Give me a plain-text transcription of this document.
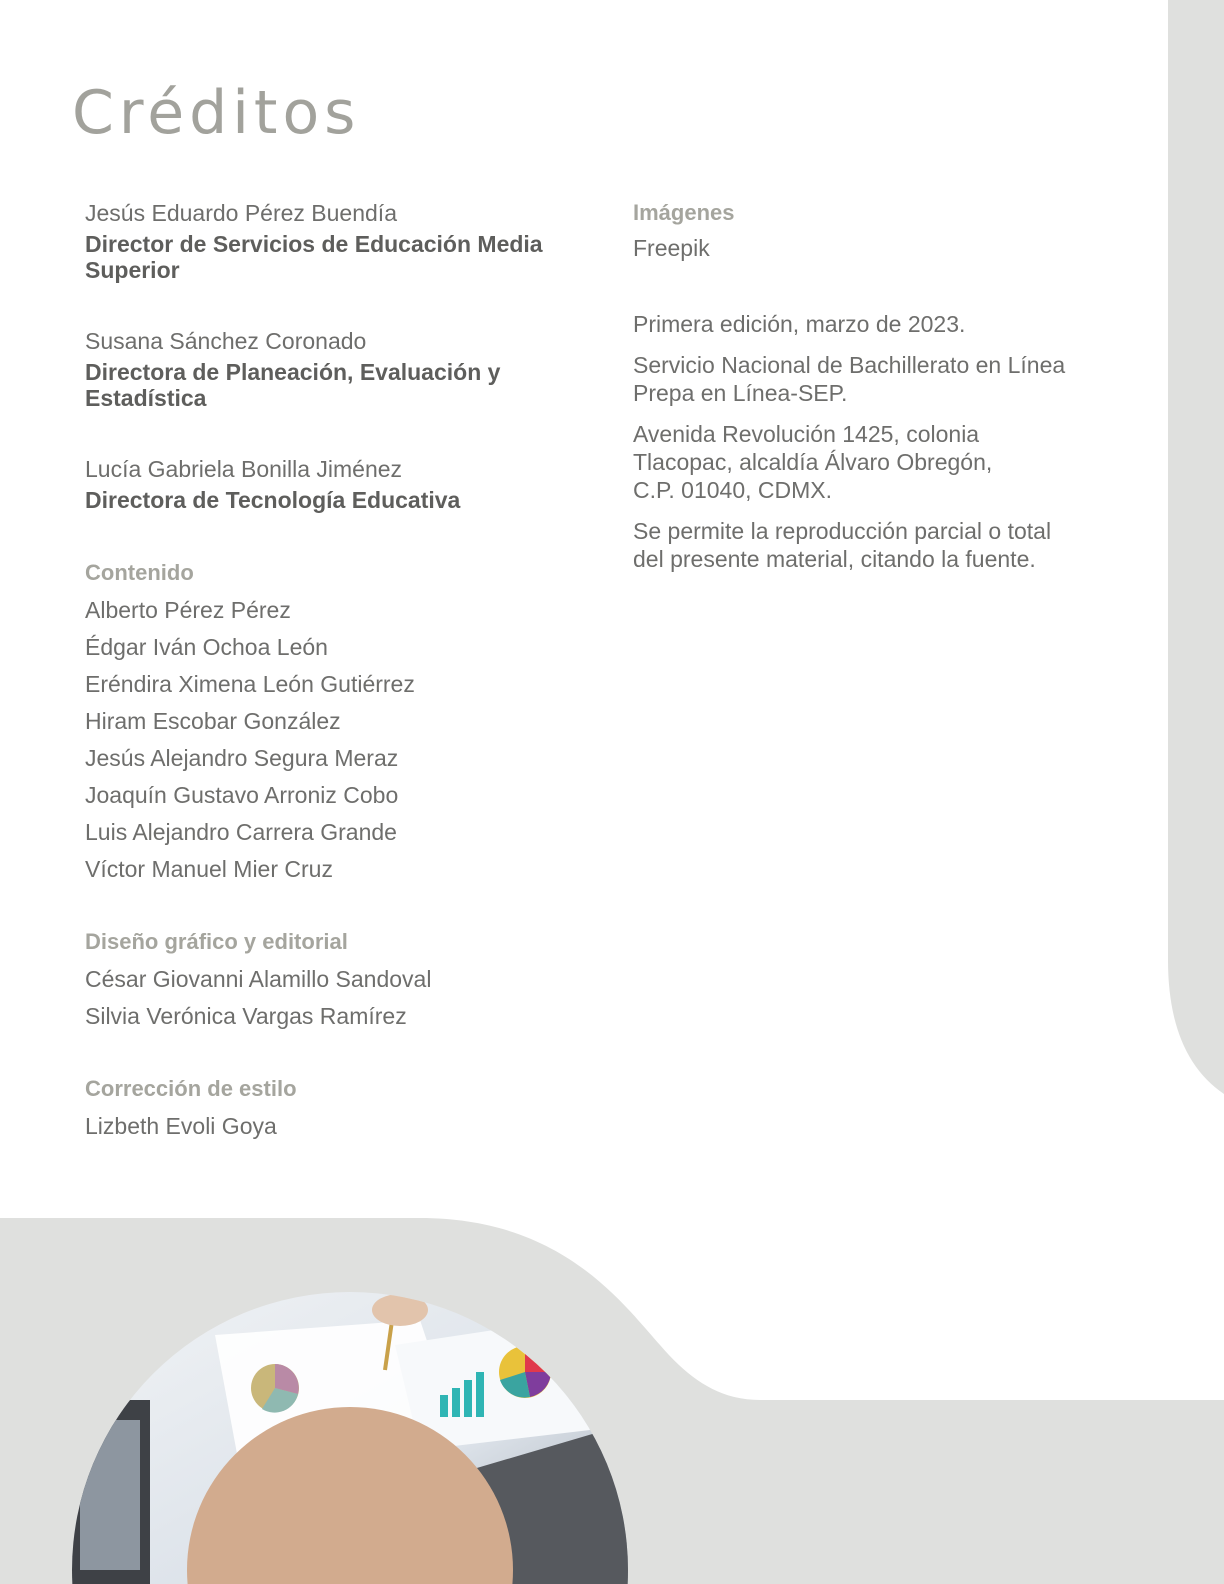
Créditos
Jesús Eduardo Pérez Buendía
Director de Servicios de Educación Media Superior
Susana Sánchez Coronado
Directora de Planeación, Evaluación y Estadística
Lucía Gabriela Bonilla Jiménez
Directora de Tecnología Educativa
Contenido
Alberto Pérez Pérez
Édgar Iván Ochoa León
Eréndira Ximena León Gutiérrez
Hiram Escobar González
Jesús Alejandro Segura Meraz
Joaquín Gustavo Arroniz Cobo
Luis Alejandro Carrera Grande
Víctor Manuel Mier Cruz
Diseño gráfico y editorial
César Giovanni Alamillo Sandoval
Silvia Verónica Vargas Ramírez
Corrección de estilo
Lizbeth Evoli Goya
Imágenes
Freepik
Primera edición, marzo de 2023.
Servicio Nacional de Bachillerato en Línea
Prepa en Línea-SEP.
Avenida Revolución 1425, colonia
Tlacopac, alcaldía Álvaro Obregón,
C.P. 01040, CDMX.
Se permite la reproducción parcial o total
del presente material, citando la fuente.
